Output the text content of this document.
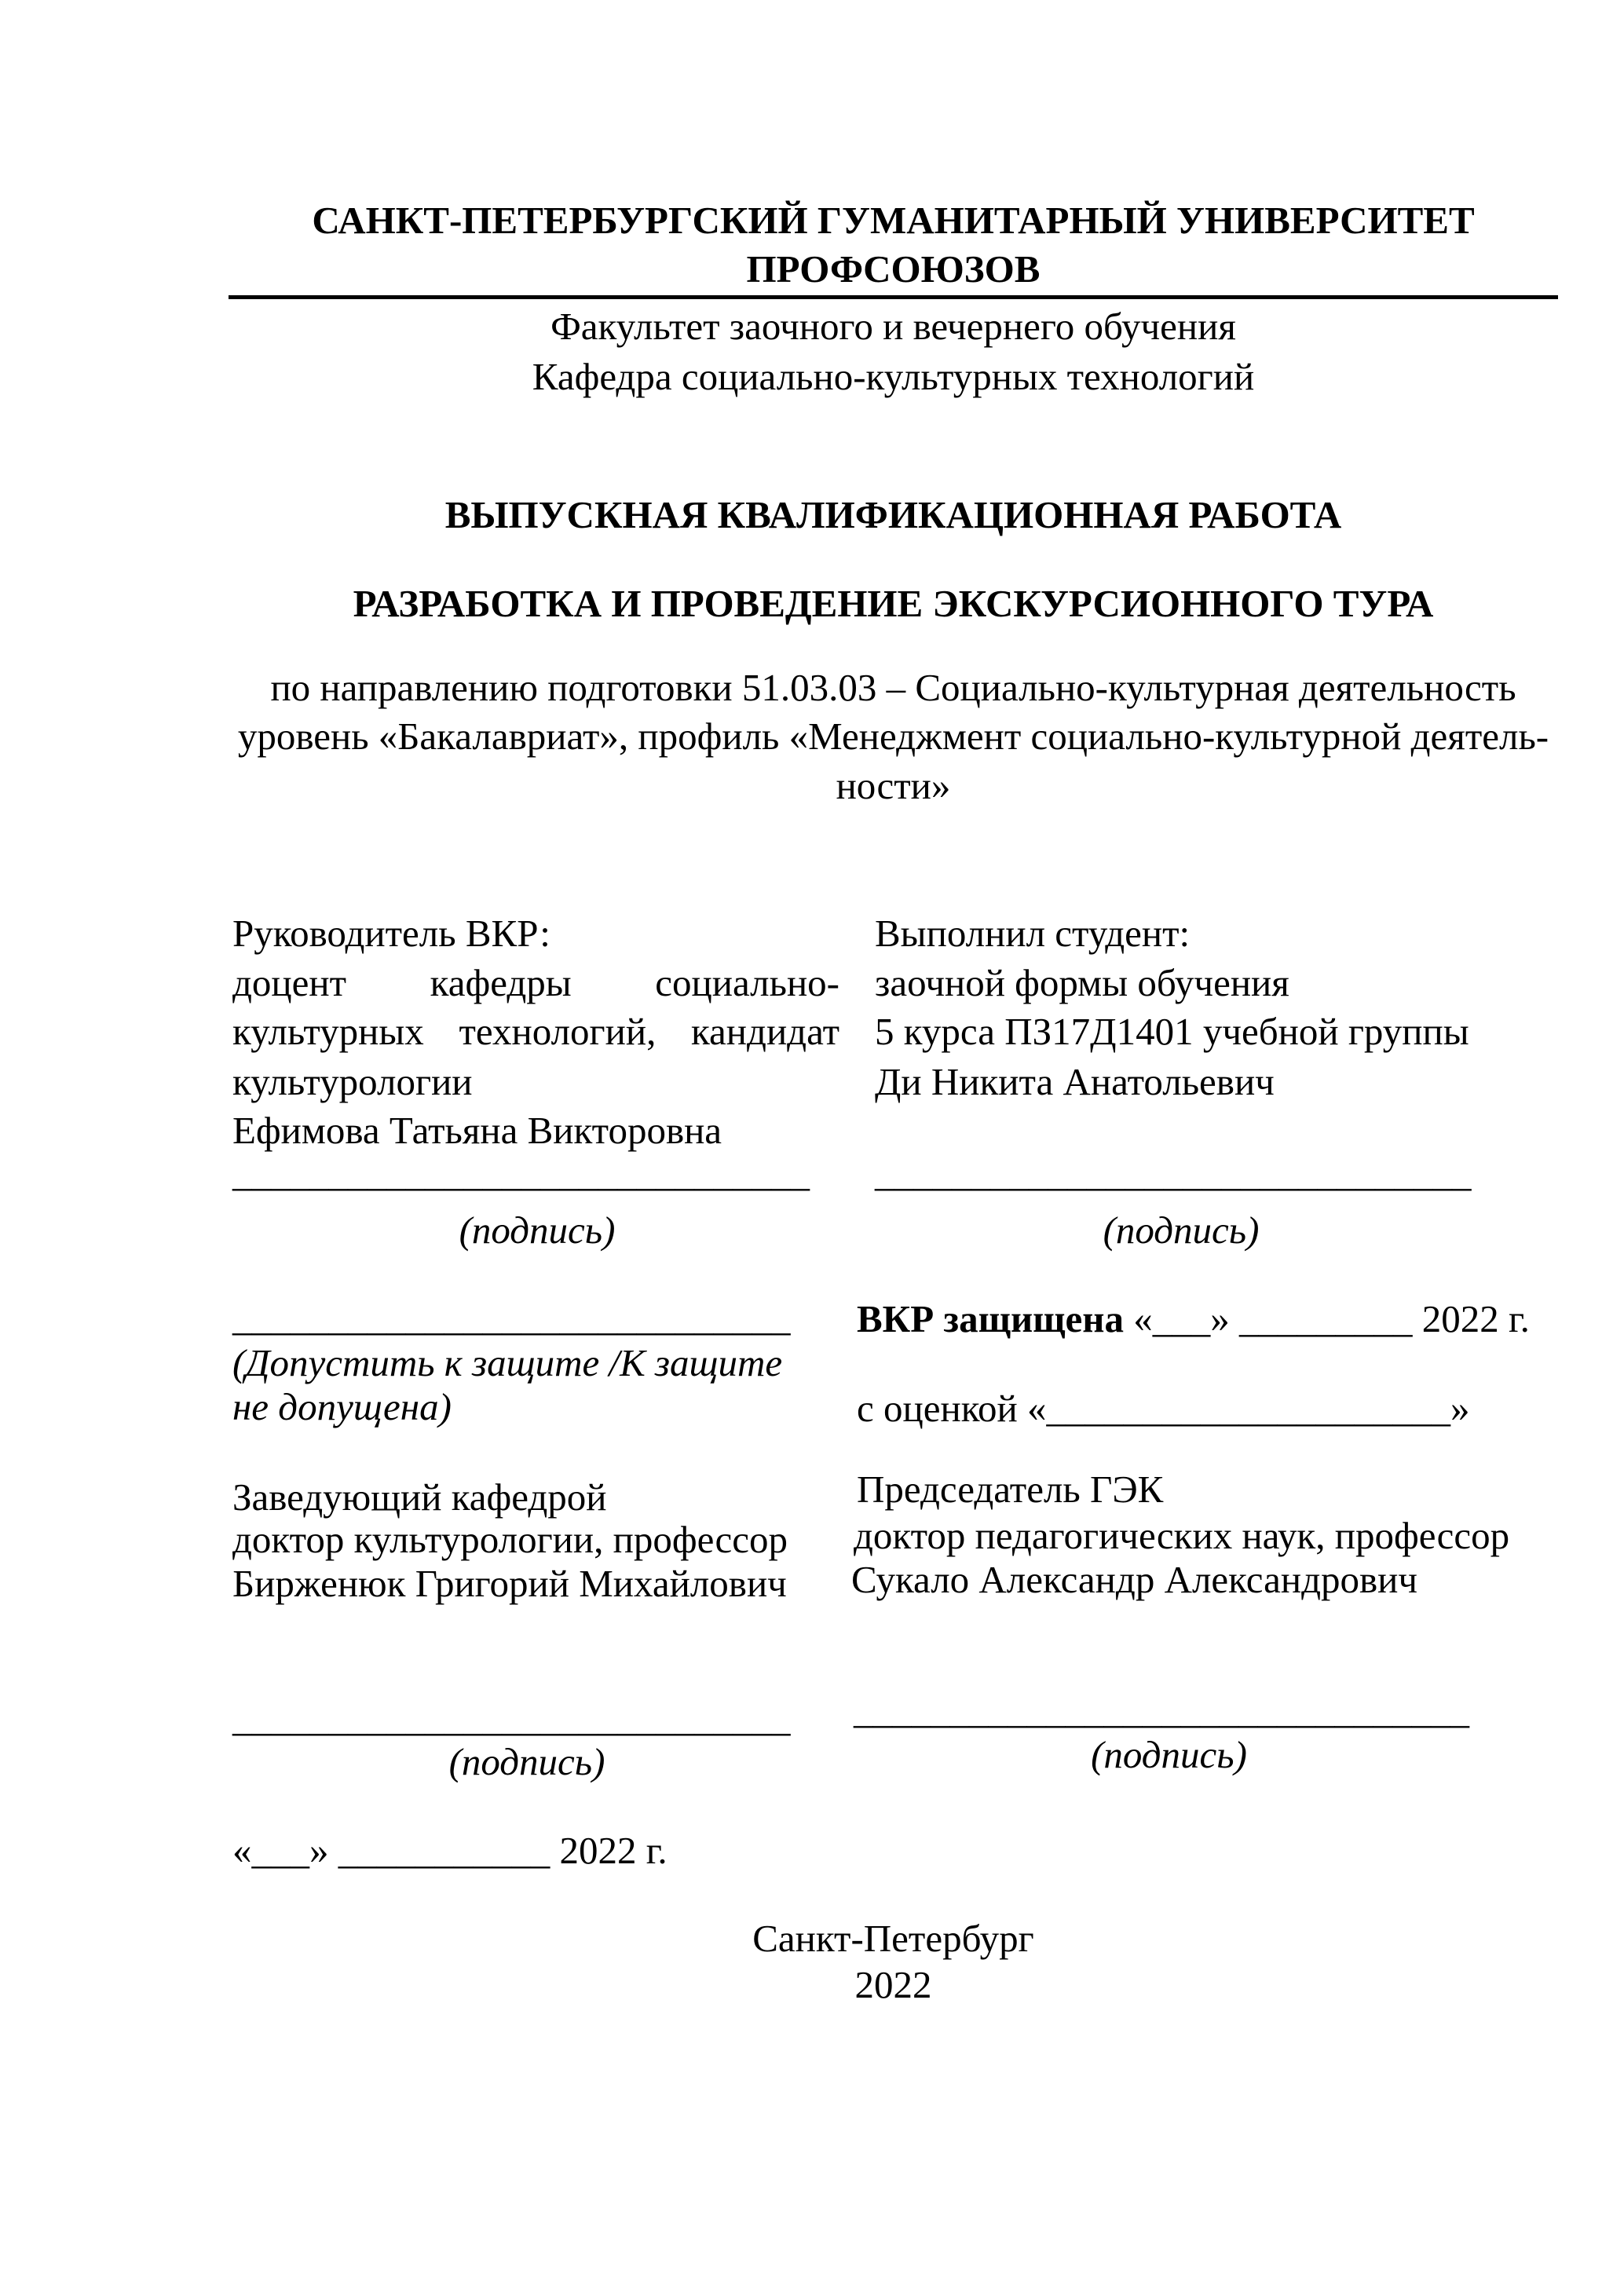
САНКТ-ПЕТЕРБУРГСКИЙ ГУМАНИТАРНЫЙ УНИВЕРСИТЕТ
ПРОФСОЮЗОВ
Факультет заочного и вечернего обучения
Кафедра социально-культурных технологий
ВЫПУСКНАЯ КВАЛИФИКАЦИОННАЯ РАБОТА
РАЗРАБОТКА И ПРОВЕДЕНИЕ ЭКСКУРСИОННОГО ТУРА
по направлению подготовки 51.03.03 – Социально-культурная деятельность
уровень «Бакалавриат», профиль «Менеджмент социально-культурной деятель-
ности»
Руководитель ВКР:
доцент кафедры социально-
культурных технологий, кандидат
культурологии
Ефимова Татьяна Викторовна
______________________________
(подпись)
Выполнил студент:
заочной формы обучения
5 курса ПЗ17Д1401 учебной группы
Ди Никита Анатольевич
_______________________________
(подпись)
_____________________________
(Допустить к защите /К защите
не допущена)
ВКР защищена «___» _________ 2022 г.
с оценкой «_____________________»
Заведующий кафедрой
доктор культурологии, профессор
Бирженюк Григорий Михайлович
_____________________________
(подпись)
«___» ___________ 2022 г.
Председатель ГЭК
доктор педагогических наук, профессор
Сукало Александр Александрович
________________________________
(подпись)
Санкт-Петербург
2022
